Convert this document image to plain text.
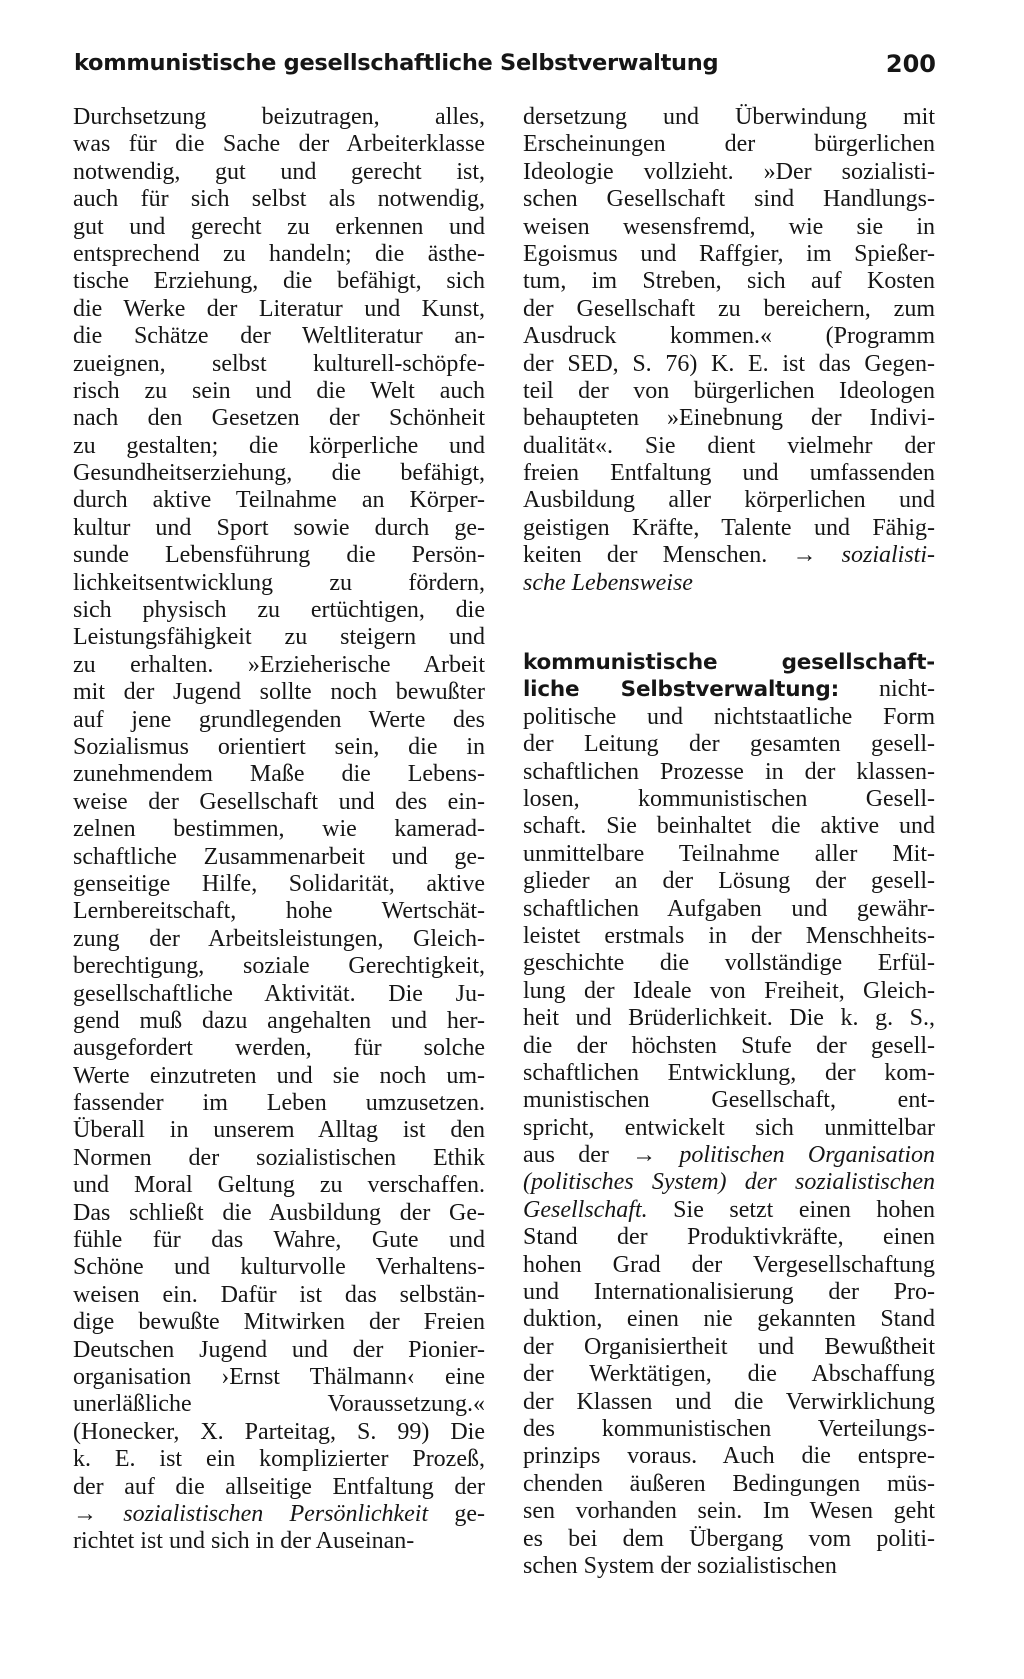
kommunistische gesellschaftliche Selbstverwaltung	200
Durchsetzung beizutragen, alles,
was für die Sache der Arbeiterklasse
notwendig, gut und gerecht ist,
auch für sich selbst als notwendig,
gut und gerecht zu erkennen und
entsprechend zu handeln; die ästhe-
tische Erziehung, die befähigt, sich
die Werke der Literatur und Kunst,
die Schätze der Weltliteratur an-
zueignen, selbst kulturell-schöpfe-
risch zu sein und die Welt auch
nach den Gesetzen der Schönheit
zu gestalten; die körperliche und
Gesundheitserziehung, die befähigt,
durch aktive Teilnahme an Körper-
kultur und Sport sowie durch ge-
sunde Lebensführung die Persön-
lichkeitsentwicklung zu fördern,
sich physisch zu ertüchtigen, die
Leistungsfähigkeit zu steigern und
zu erhalten. »Erzieherische Arbeit
mit der Jugend sollte noch bewußter
auf jene grundlegenden Werte des
Sozialismus orientiert sein, die in
zunehmendem Maße die Lebens-
weise der Gesellschaft und des ein-
zelnen bestimmen, wie kamerad-
schaftliche Zusammenarbeit und ge-
genseitige Hilfe, Solidarität, aktive
Lernbereitschaft, hohe Wertschät-
zung der Arbeitsleistungen, Gleich-
berechtigung, soziale Gerechtigkeit,
gesellschaftliche Aktivität. Die Ju-
gend muß dazu angehalten und her-
ausgefordert werden, für solche
Werte einzutreten und sie noch um-
fassender im Leben umzusetzen.
Überall in unserem Alltag ist den
Normen der sozialistischen Ethik
und Moral Geltung zu verschaffen.
Das schließt die Ausbildung der Ge-
fühle für das Wahre, Gute und
Schöne und kulturvolle Verhaltens-
weisen ein. Dafür ist das selbstän-
dige bewußte Mitwirken der Freien
Deutschen Jugend und der Pionier-
organisation ›Ernst Thälmann‹ eine
unerläßliche Voraussetzung.«
(Honecker, X. Parteitag, S. 99) Die
k. E. ist ein komplizierter Prozeß,
der auf die allseitige Entfaltung der
→ sozialistischen Persönlichkeit ge-
richtet ist und sich in der Auseinan-
dersetzung und Überwindung mit
Erscheinungen der bürgerlichen
Ideologie vollzieht. »Der sozialisti-
schen Gesellschaft sind Handlungs-
weisen wesensfremd, wie sie in
Egoismus und Raffgier, im Spießer-
tum, im Streben, sich auf Kosten
der Gesellschaft zu bereichern, zum
Ausdruck kommen.« (Programm
der SED, S. 76) K. E. ist das Gegen-
teil der von bürgerlichen Ideologen
behaupteten »Einebnung der Indivi-
dualität«. Sie dient vielmehr der
freien Entfaltung und umfassenden
Ausbildung aller körperlichen und
geistigen Kräfte, Talente und Fähig-
keiten der Menschen. → sozialisti-
sche Lebensweise
kommunistische gesellschaft-
liche Selbstverwaltung: nicht-
politische und nichtstaatliche Form
der Leitung der gesamten gesell-
schaftlichen Prozesse in der klassen-
losen, kommunistischen Gesell-
schaft. Sie beinhaltet die aktive und
unmittelbare Teilnahme aller Mit-
glieder an der Lösung der gesell-
schaftlichen Aufgaben und gewähr-
leistet erstmals in der Menschheits-
geschichte die vollständige Erfül-
lung der Ideale von Freiheit, Gleich-
heit und Brüderlichkeit. Die k. g. S.,
die der höchsten Stufe der gesell-
schaftlichen Entwicklung, der kom-
munistischen Gesellschaft, ent-
spricht, entwickelt sich unmittelbar
aus der → politischen Organisation
(politisches System) der sozialistischen
Gesellschaft. Sie setzt einen hohen
Stand der Produktivkräfte, einen
hohen Grad der Vergesellschaftung
und Internationalisierung der Pro-
duktion, einen nie gekannten Stand
der Organisiertheit und Bewußtheit
der Werktätigen, die Abschaffung
der Klassen und die Verwirklichung
des kommunistischen Verteilungs-
prinzips voraus. Auch die entspre-
chenden äußeren Bedingungen müs-
sen vorhanden sein. Im Wesen geht
es bei dem Übergang vom politi-
schen System der sozialistischen
